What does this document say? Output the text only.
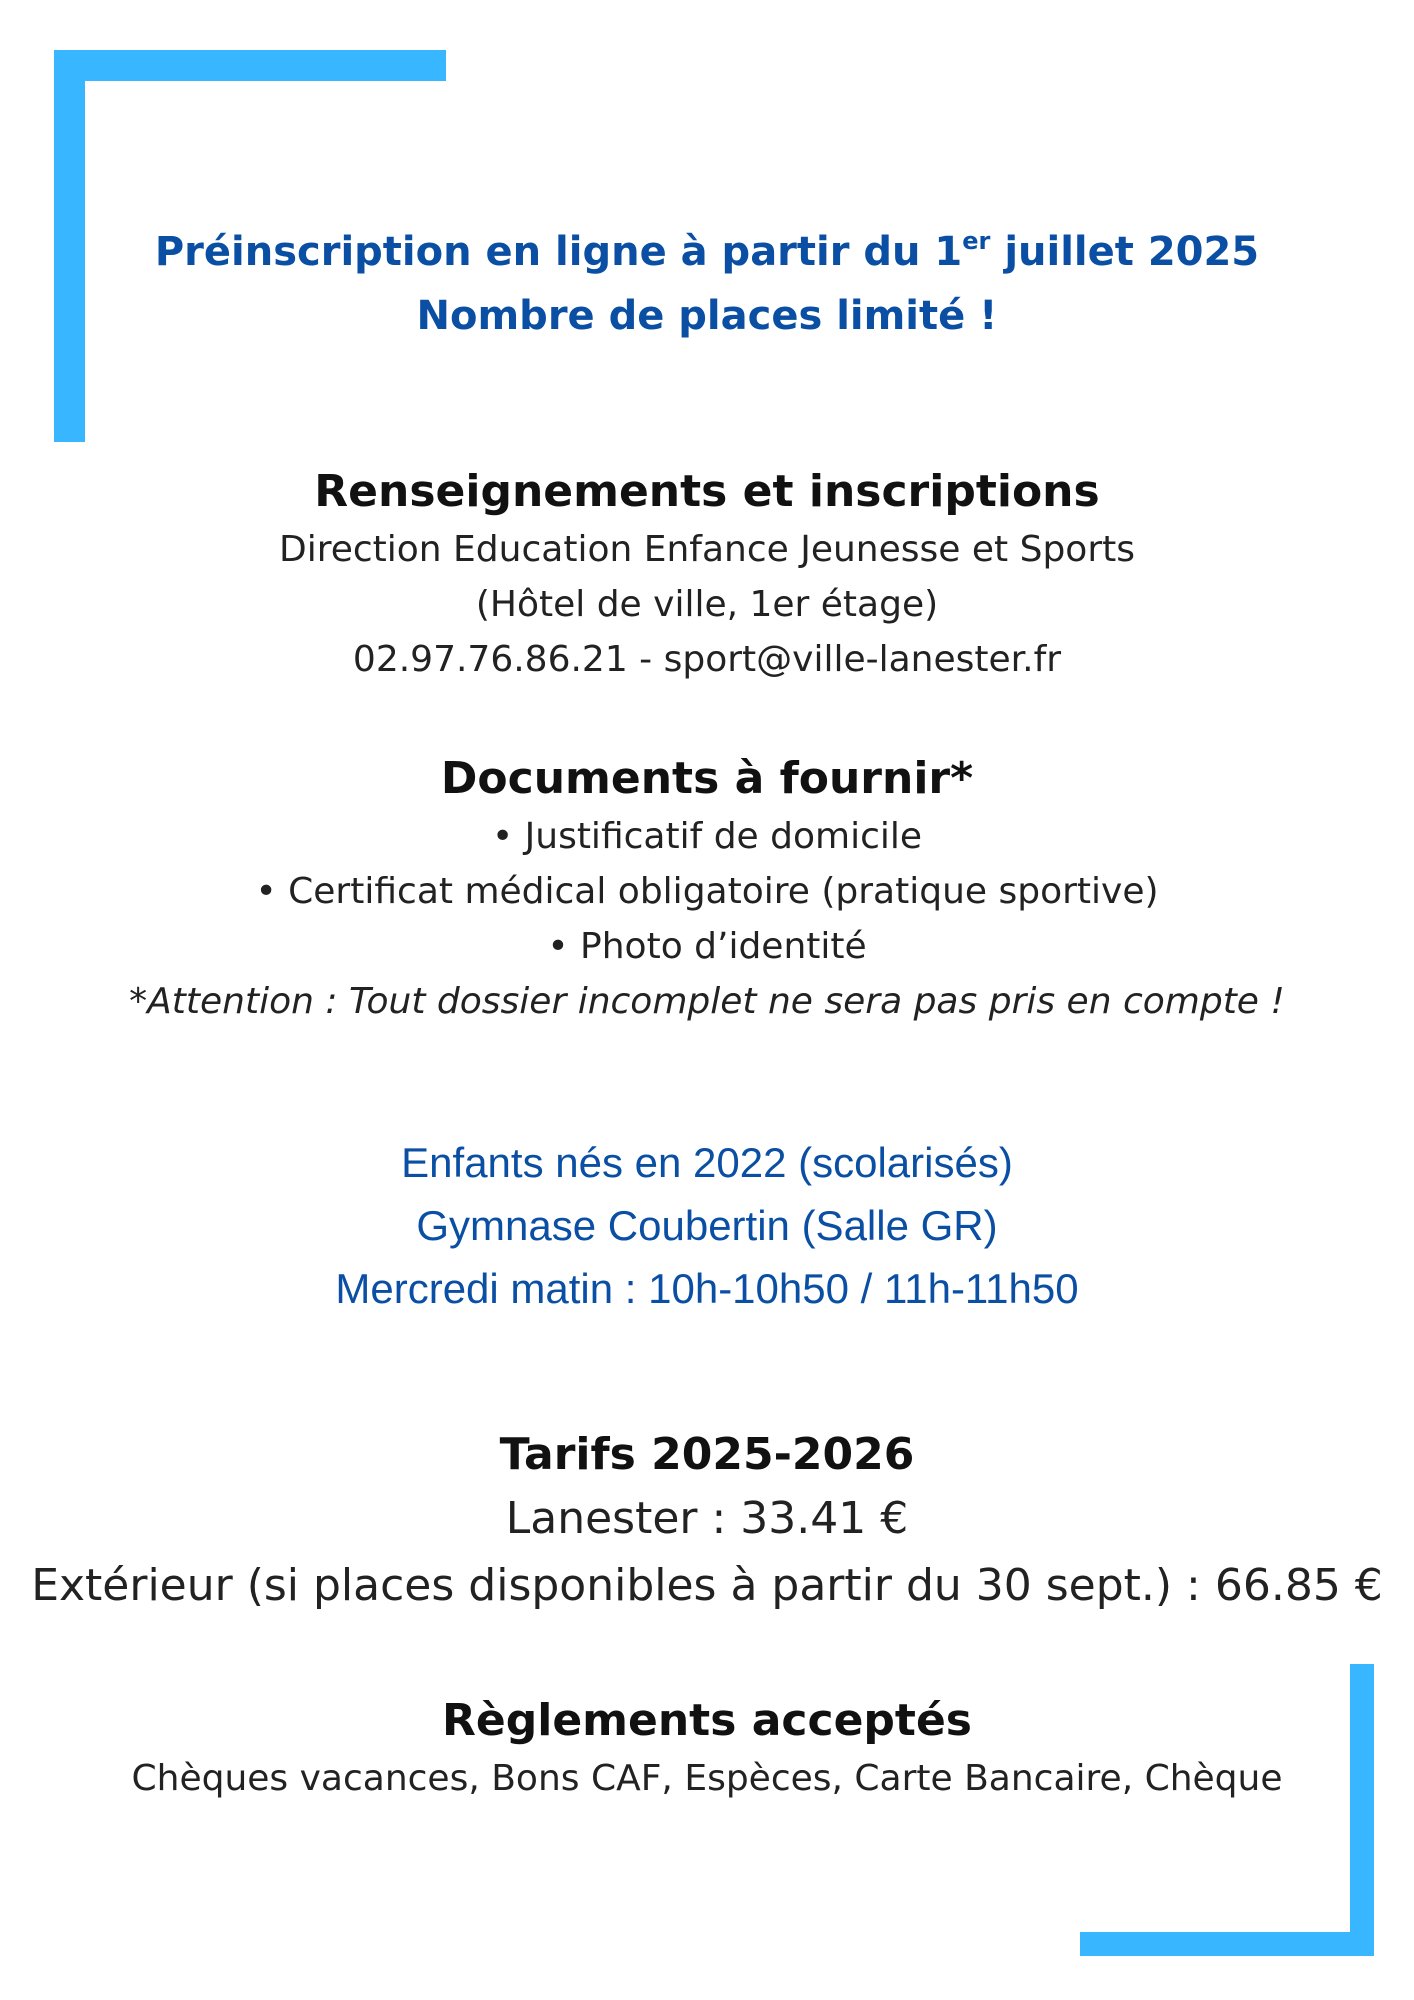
Préinscription en ligne à partir du 1er juillet 2025
Nombre de places limité !
Renseignements et inscriptions
Direction Education Enfance Jeunesse et Sports
(Hôtel de ville, 1er étage)
02.97.76.86.21 - sport@ville-lanester.fr
Documents à fournir*
• Justificatif de domicile
• Certificat médical obligatoire (pratique sportive)
• Photo d’identité
*Attention : Tout dossier incomplet ne sera pas pris en compte !
Enfants nés en 2022 (scolarisés)
Gymnase Coubertin (Salle GR)
Mercredi matin : 10h-10h50 / 11h-11h50
Tarifs 2025-2026
Lanester : 33.41 €
Extérieur (si places disponibles à partir du 30 sept.) : 66.85 €
Règlements acceptés
Chèques vacances, Bons CAF, Espèces, Carte Bancaire, Chèque
